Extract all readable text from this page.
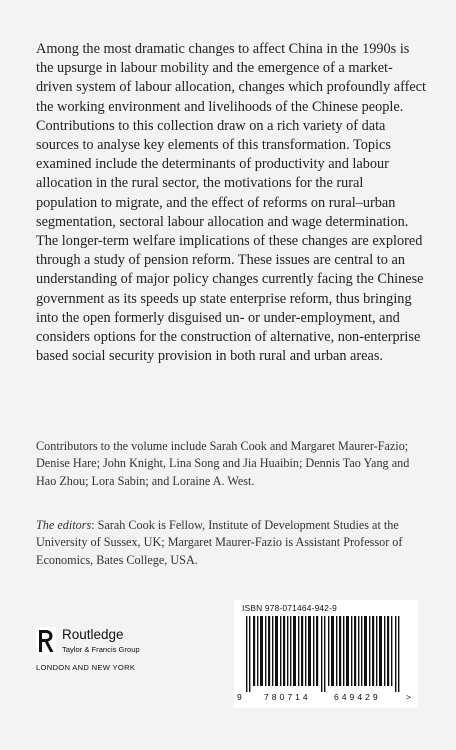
Among the most dramatic changes to affect China in the 1990s is the upsurge in labour mobility and the emergence of a market-driven system of labour allocation, changes which profoundly affect the working environment and livelihoods of the Chinese people. Contributions to this collection draw on a rich variety of data sources to analyse key elements of this transformation. Topics examined include the determinants of productivity and labour allocation in the rural sector, the motivations for the rural population to migrate, and the effect of reforms on rural–urban segmentation, sectoral labour allocation and wage determination. The longer-term welfare implications of these changes are explored through a study of pension reform. These issues are central to an understanding of major policy changes currently facing the Chinese government as its speeds up state enterprise reform, thus bringing into the open formerly disguised un- or under-employment, and considers options for the construction of alternative, non-enterprise based social security provision in both rural and urban areas.

Contributors to the volume include Sarah Cook and Margaret Maurer-Fazio; Denise Hare; John Knight, Lina Song and Jia Huaibin; Dennis Tao Yang and Hao Zhou; Lora Sabin; and Loraine A. West.

The editors: Sarah Cook is Fellow, Institute of Development Studies at the University of Sussex, UK; Margaret Maurer-Fazio is Assistant Professor of Economics, Bates College, USA.

Routledge
Taylor & Francis Group
LONDON AND NEW YORK
ISBN 978-071464-942-9
9	780714	649429	>
